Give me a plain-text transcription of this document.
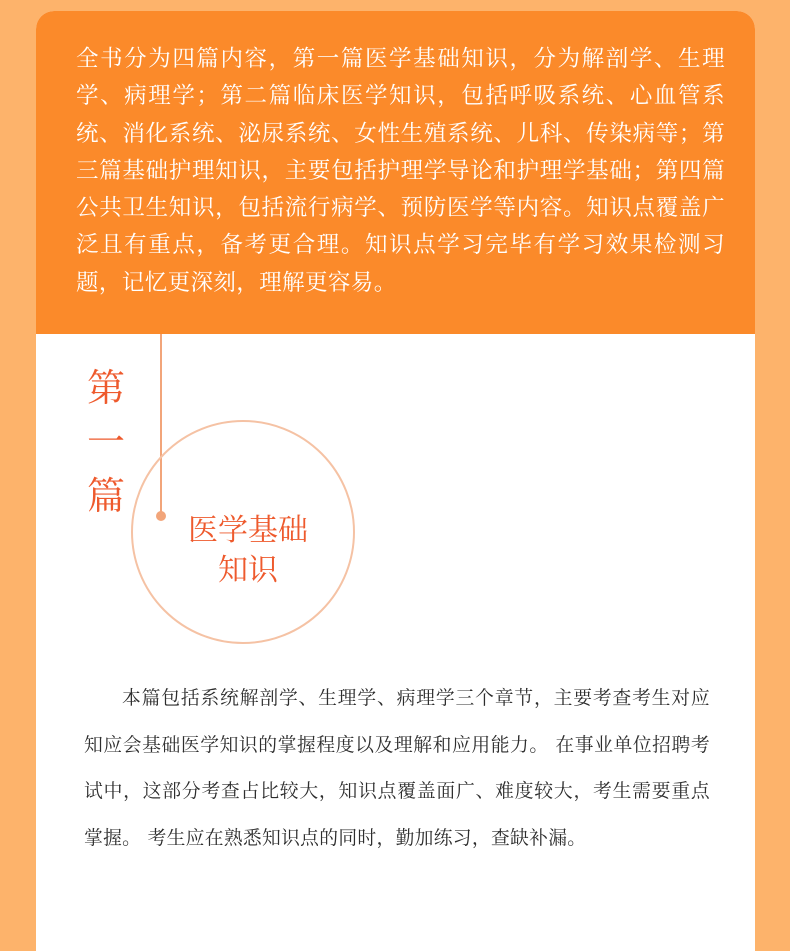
全书分为四篇内容，第一篇医学基础知识，分为解剖学、生理学、病理学；第二篇临床医学知识，包括呼吸系统、心血管系统、消化系统、泌尿系统、女性生殖系统、儿科、传染病等；第三篇基础护理知识，主要包括护理学导论和护理学基础；第四篇公共卫生知识，包括流行病学、预防医学等内容。知识点覆盖广泛且有重点，备考更合理。知识点学习完毕有学习效果检测习题，记忆更深刻，理解更容易。

第一篇
医学基础
知识

本篇包括系统解剖学、生理学、病理学三个章节，主要考查考生对应知应会基础医学知识的掌握程度以及理解和应用能力。 在事业单位招聘考试中，这部分考查占比较大，知识点覆盖面广、难度较大，考生需要重点掌握。 考生应在熟悉知识点的同时，勤加练习，查缺补漏。
